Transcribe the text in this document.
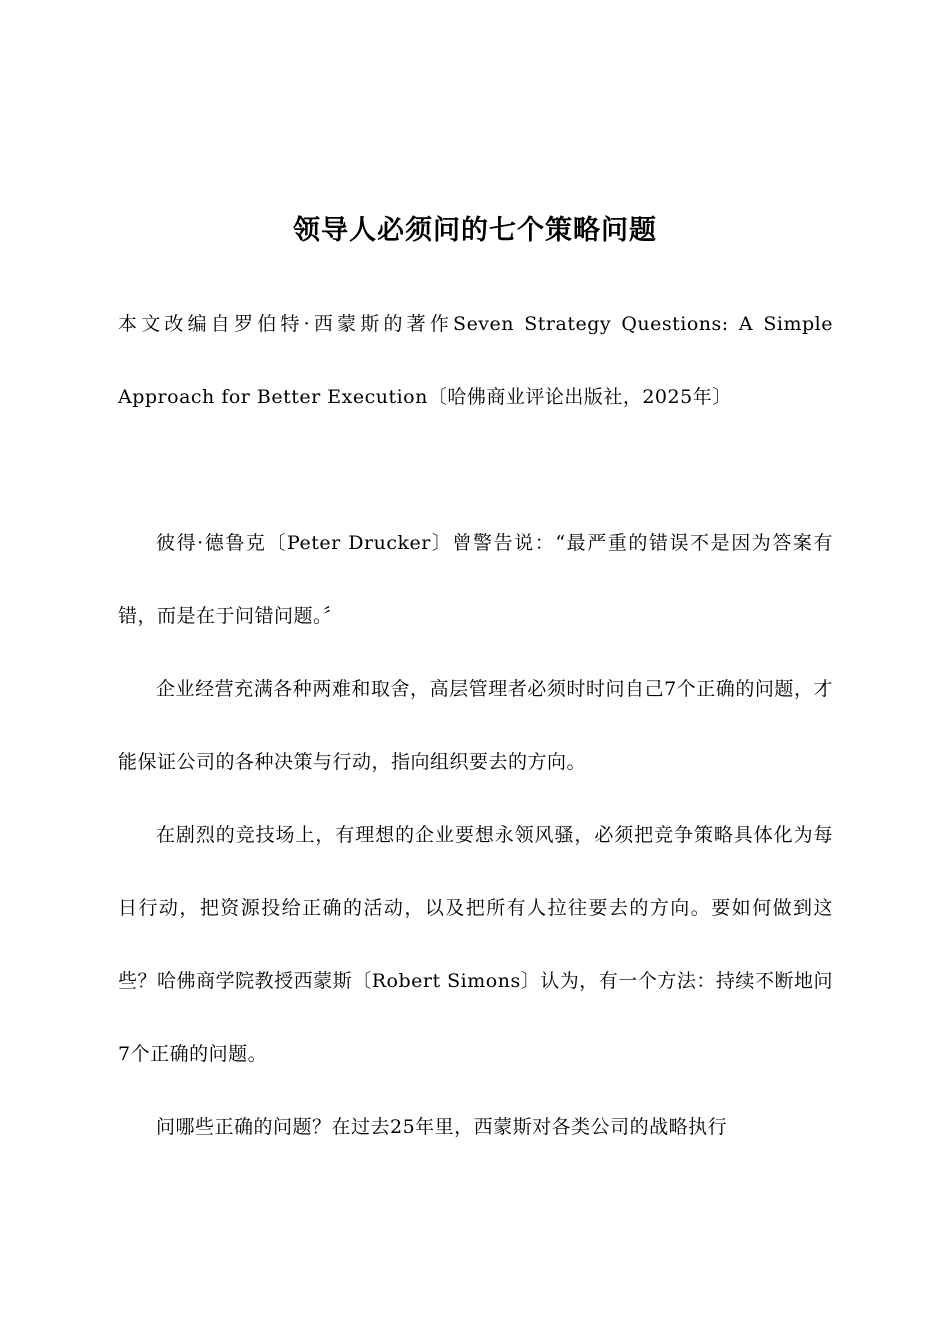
领导人必须问的七个策略问题

本文改编自罗伯特·西蒙斯的著作Seven Strategy Questions: A Simple Approach for Better Execution〔哈佛商业评论出版社，2025年〕

彼得·德鲁克〔Peter Drucker〕曾警告说：“最严重的错误不是因为答案有错，而是在于问错问题。〞

企业经营充满各种两难和取舍，高层管理者必须时时问自己7个正确的问题，才能保证公司的各种决策与行动，指向组织要去的方向。

在剧烈的竞技场上，有理想的企业要想永领风骚，必须把竞争策略具体化为每日行动，把资源投给正确的活动，以及把所有人拉往要去的方向。要如何做到这些？哈佛商学院教授西蒙斯〔Robert Simons〕认为，有一个方法：持续不断地问7个正确的问题。

问哪些正确的问题？在过去25年里，西蒙斯对各类公司的战略执行
